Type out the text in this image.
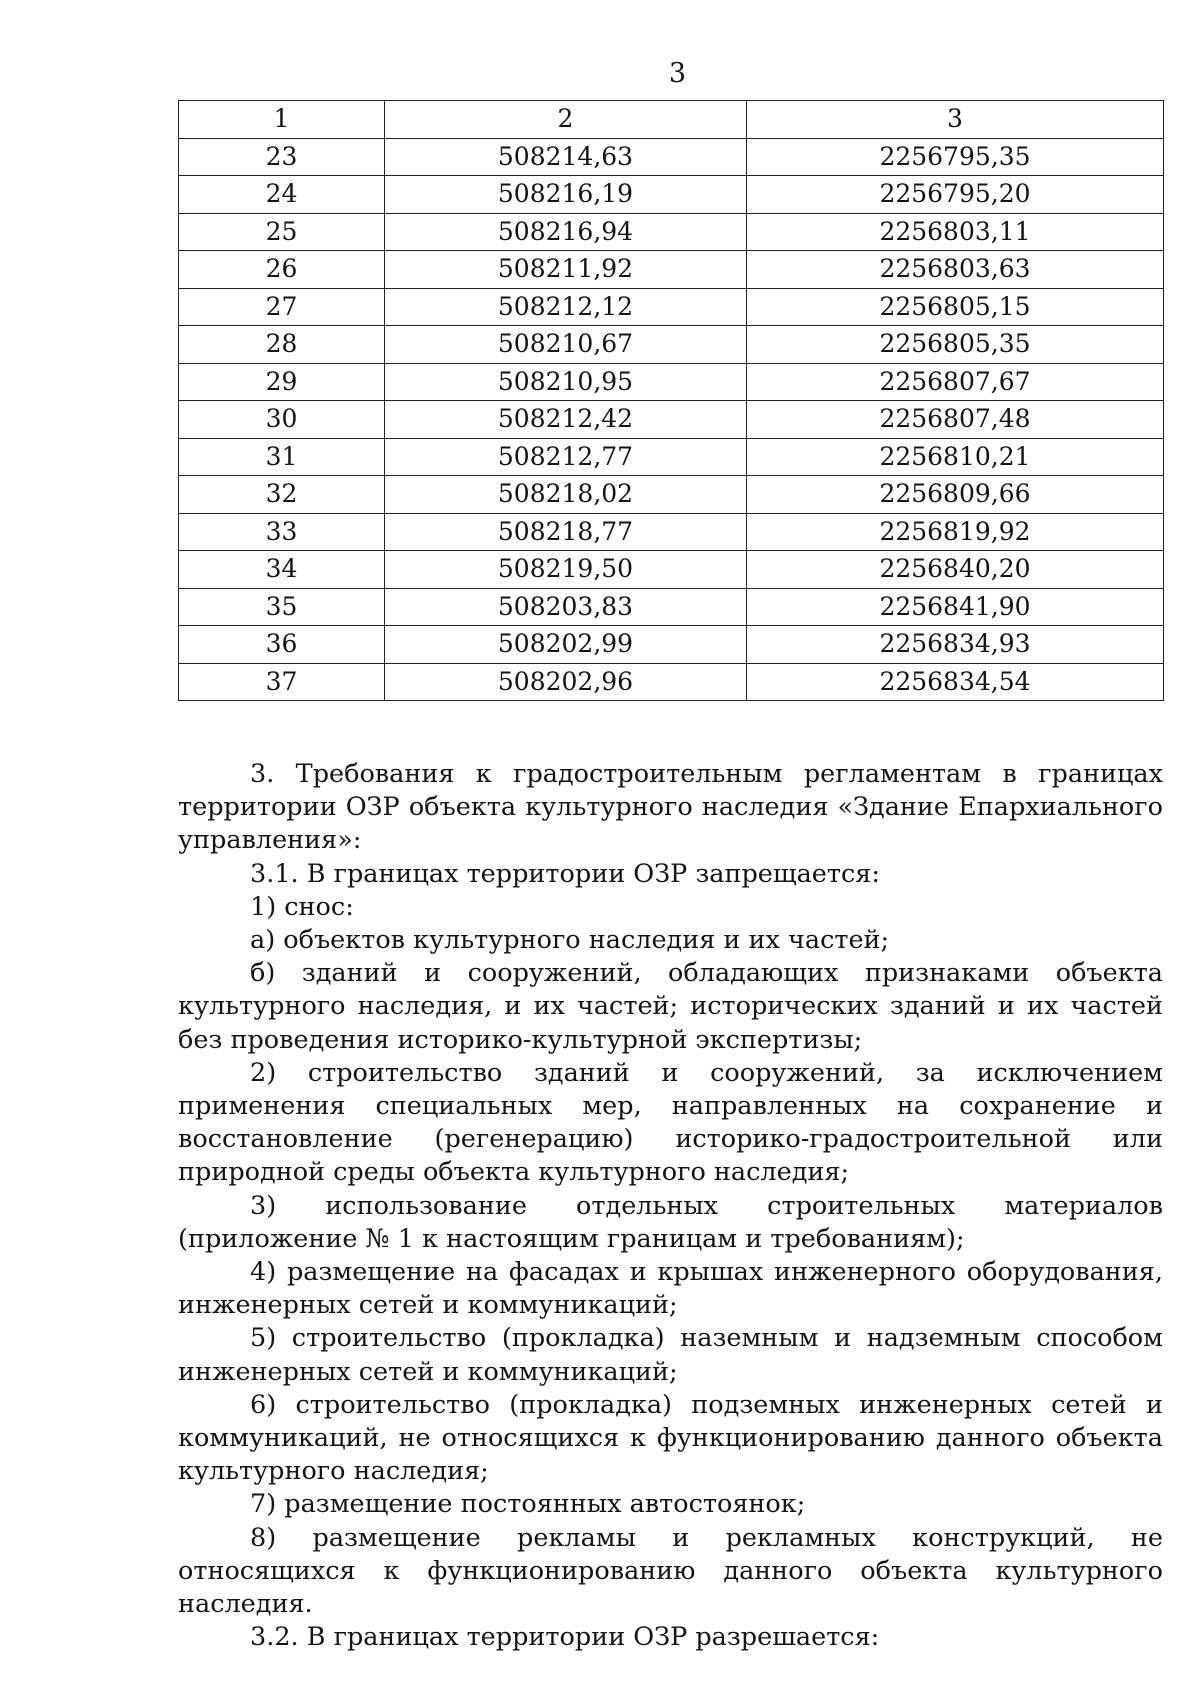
3
1	2	3
23	508214,63	2256795,35
24	508216,19	2256795,20
25	508216,94	2256803,11
26	508211,92	2256803,63
27	508212,12	2256805,15
28	508210,67	2256805,35
29	508210,95	2256807,67
30	508212,42	2256807,48
31	508212,77	2256810,21
32	508218,02	2256809,66
33	508218,77	2256819,92
34	508219,50	2256840,20
35	508203,83	2256841,90
36	508202,99	2256834,93
37	508202,96	2256834,54

3. Требования к градостроительным регламентам в границах территории ОЗР объекта культурного наследия «Здание Епархиального управления»:

3.1. В границах территории ОЗР запрещается:

1) снос:

а) объектов культурного наследия и их частей;

б) зданий и сооружений, обладающих признаками объекта культурного наследия, и их частей; исторических зданий и их частей без проведения историко-культурной экспертизы;

2) строительство зданий и сооружений, за исключением применения специальных мер, направленных на сохранение и восстановление (регенерацию) историко-градостроительной или природной среды объекта культурного наследия;

3) использование отдельных строительных материалов (приложение № 1 к настоящим границам и требованиям);

4) размещение на фасадах и крышах инженерного оборудования, инженерных сетей и коммуникаций;

5) строительство (прокладка) наземным и надземным способом инженерных сетей и коммуникаций;

6) строительство (прокладка) подземных инженерных сетей и коммуникаций, не относящихся к функционированию данного объекта культурного наследия;

7) размещение постоянных автостоянок;

8) размещение рекламы и рекламных конструкций, не относящихся к функционированию данного объекта культурного наследия.

3.2. В границах территории ОЗР разрешается:
